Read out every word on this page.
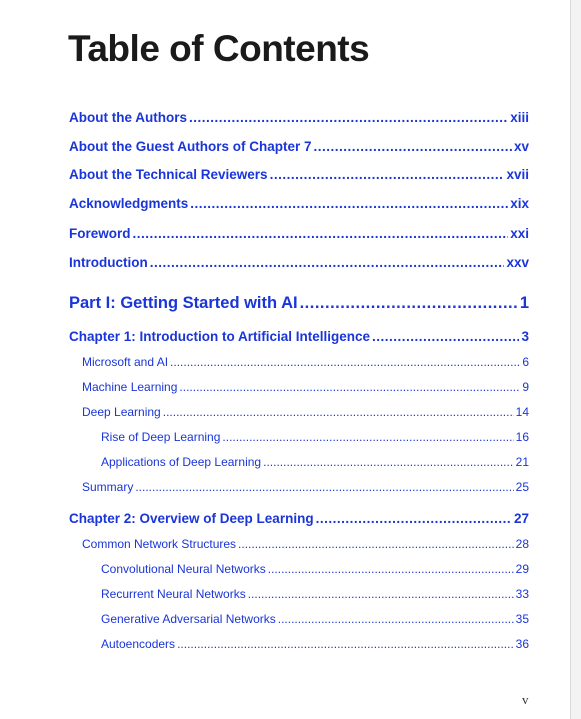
Table of Contents
About the Authors .....	xiii
About the Guest Authors of Chapter 7 .....	xv
About the Technical Reviewers .....	xvii
Acknowledgments .....	xix
Foreword .....	xxi
Introduction .....	xxv
Part I: Getting Started with AI .....	1
Chapter 1: Introduction to Artificial Intelligence .....	3
Microsoft and AI .....	6
Machine Learning .....	9
Deep Learning .....	14
Rise of Deep Learning .....	16
Applications of Deep Learning .....	21
Summary .....	25
Chapter 2: Overview of Deep Learning .....	27
Common Network Structures .....	28
Convolutional Neural Networks .....	29
Recurrent Neural Networks .....	33
Generative Adversarial Networks .....	35
Autoencoders .....	36
v
